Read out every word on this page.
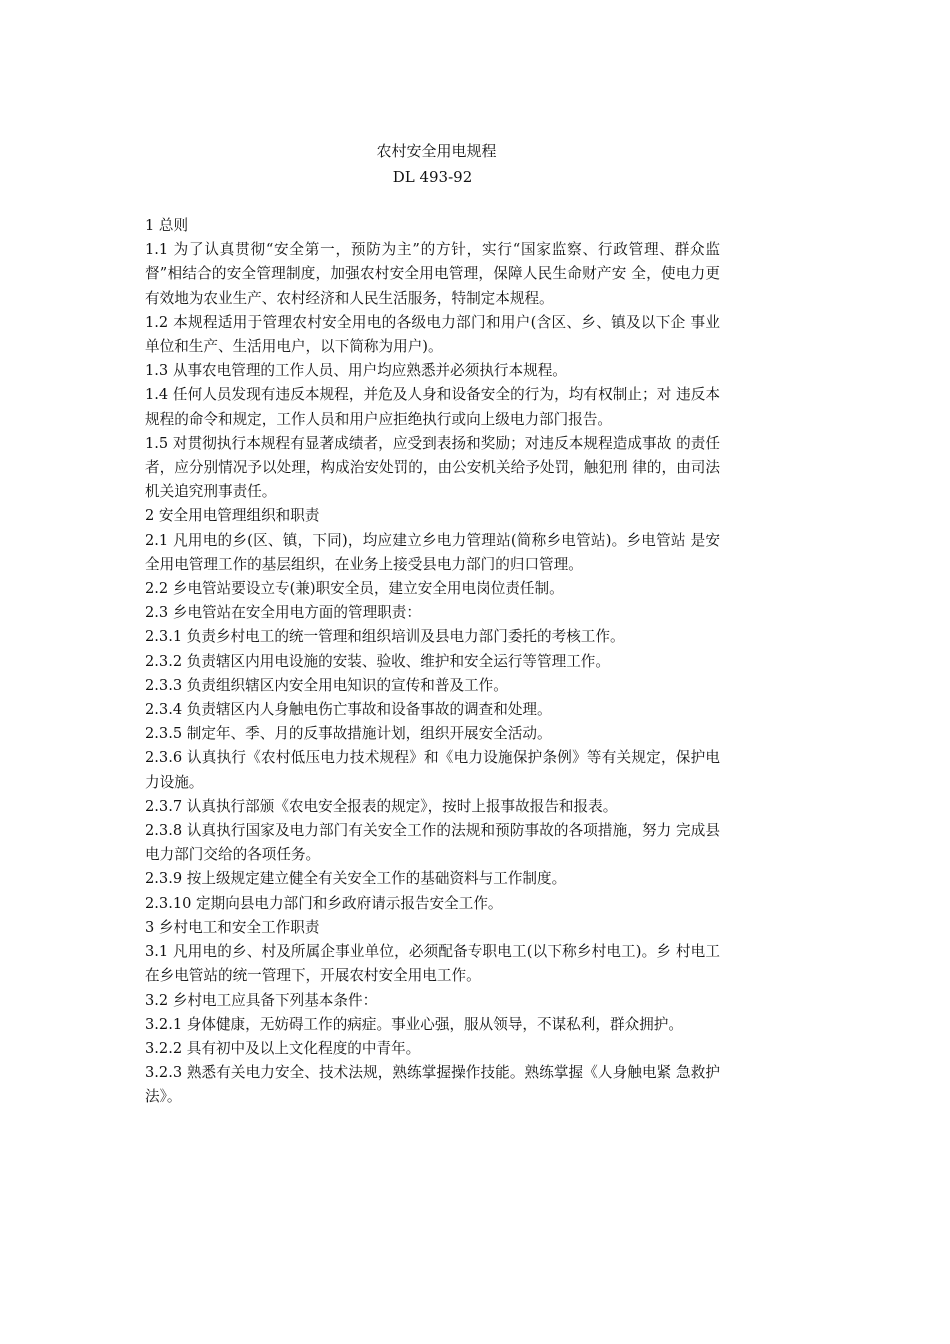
农村安全用电规程
DL 493-92

1 总则

1.1 为了认真贯彻“安全第一，预防为主”的方针，实行“国家监察、行政管理、群众监督”相结合的安全管理制度，加强农村安全用电管理，保障人民生命财产安 全，使电力更有效地为农业生产、农村经济和人民生活服务，特制定本规程。

1.2 本规程适用于管理农村安全用电的各级电力部门和用户(含区、乡、镇及以下企 事业单位和生产、生活用电户，以下简称为用户)。

1.3 从事农电管理的工作人员、用户均应熟悉并必须执行本规程。

1.4 任何人员发现有违反本规程，并危及人身和设备安全的行为，均有权制止；对 违反本规程的命令和规定，工作人员和用户应拒绝执行或向上级电力部门报告。

1.5 对贯彻执行本规程有显著成绩者，应受到表扬和奖励；对违反本规程造成事故 的责任者，应分别情况予以处理，构成治安处罚的，由公安机关给予处罚，触犯刑 律的，由司法机关追究刑事责任。

2 安全用电管理组织和职责

2.1 凡用电的乡(区、镇，下同)，均应建立乡电力管理站(简称乡电管站)。乡电管站 是安全用电管理工作的基层组织，在业务上接受县电力部门的归口管理。

2.2 乡电管站要设立专(兼)职安全员，建立安全用电岗位责任制。

2.3 乡电管站在安全用电方面的管理职责：

2.3.1 负责乡村电工的统一管理和组织培训及县电力部门委托的考核工作。

2.3.2 负责辖区内用电设施的安装、验收、维护和安全运行等管理工作。

2.3.3 负责组织辖区内安全用电知识的宣传和普及工作。

2.3.4 负责辖区内人身触电伤亡事故和设备事故的调查和处理。

2.3.5 制定年、季、月的反事故措施计划，组织开展安全活动。

2.3.6 认真执行《农村低压电力技术规程》和《电力设施保护条例》等有关规定，保护电力设施。

2.3.7 认真执行部颁《农电安全报表的规定》，按时上报事故报告和报表。

2.3.8 认真执行国家及电力部门有关安全工作的法规和预防事故的各项措施，努力 完成县电力部门交给的各项任务。

2.3.9 按上级规定建立健全有关安全工作的基础资料与工作制度。

2.3.10 定期向县电力部门和乡政府请示报告安全工作。

3 乡村电工和安全工作职责

3.1 凡用电的乡、村及所属企事业单位，必须配备专职电工(以下称乡村电工)。乡 村电工在乡电管站的统一管理下，开展农村安全用电工作。

3.2 乡村电工应具备下列基本条件：

3.2.1 身体健康，无妨碍工作的病症。事业心强，服从领导，不谋私利，群众拥护。

3.2.2 具有初中及以上文化程度的中青年。

3.2.3 熟悉有关电力安全、技术法规，熟练掌握操作技能。熟练掌握《人身触电紧 急救护法》。
